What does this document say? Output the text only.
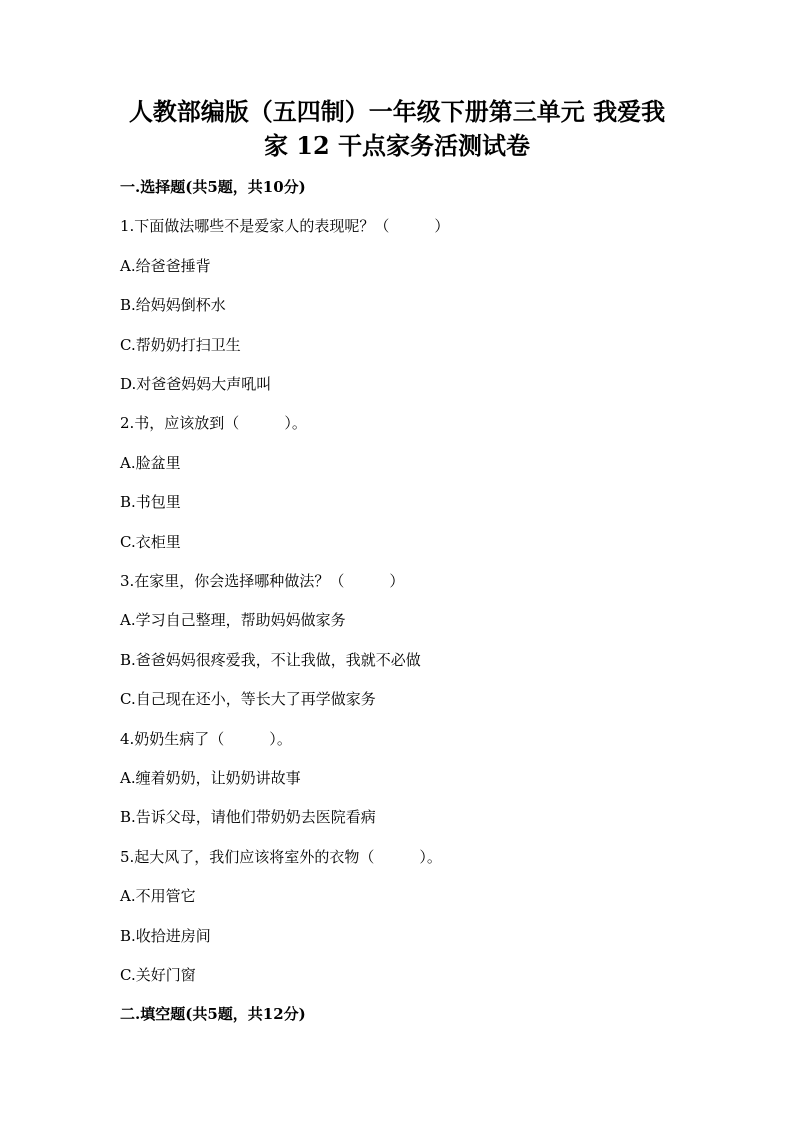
人教部编版（五四制）一年级下册第三单元 我爱我
家 12 干点家务活测试卷
一.选择题(共5题，共10分)
1.下面做法哪些不是爱家人的表现呢？（　　　）
A.给爸爸捶背
B.给妈妈倒杯水
C.帮奶奶打扫卫生
D.对爸爸妈妈大声吼叫
2.书，应该放到（　　　）。
A.脸盆里
B.书包里
C.衣柜里
3.在家里，你会选择哪种做法？（　　　）
A.学习自己整理，帮助妈妈做家务
B.爸爸妈妈很疼爱我，不让我做，我就不必做
C.自己现在还小，等长大了再学做家务
4.奶奶生病了（　　　）。
A.缠着奶奶，让奶奶讲故事
B.告诉父母，请他们带奶奶去医院看病
5.起大风了，我们应该将室外的衣物（　　　）。
A.不用管它
B.收拾进房间
C.关好门窗
二.填空题(共5题，共12分)
